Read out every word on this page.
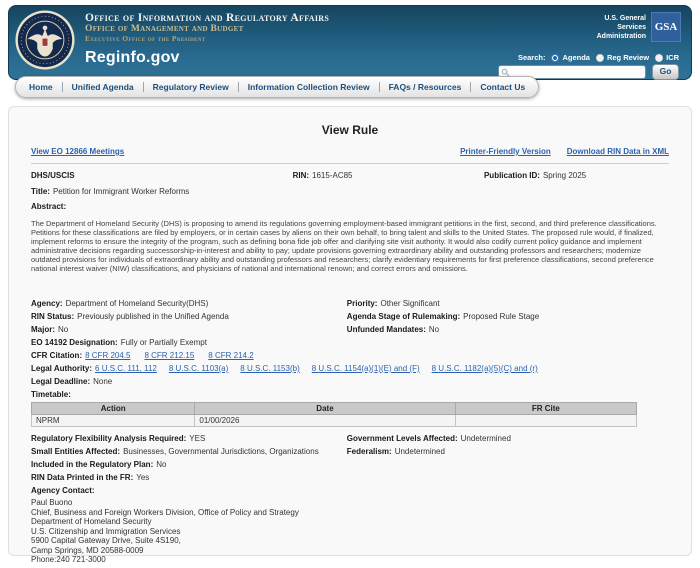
Office of Information and Regulatory Affairs
Office of Management and Budget
Executive Office of the President
Reginfo.gov
U.S. General
Services
Administration
GSA
Search: Agenda Reg Review ICR
Go
Home	Unified Agenda	Regulatory Review	Information Collection Review	FAQs / Resources	Contact Us
View Rule
View EO 12866 Meetings	Printer-Friendly Version Download RIN Data in XML
DHS/USCIS	RIN: 1615-AC85	Publication ID: Spring 2025
Title: Petition for Immigrant Worker Reforms
Abstract:

The Department of Homeland Security (DHS) is proposing to amend its regulations governing employment-based immigrant petitions in the first, second, and third preference classifications. Petitions for these classifications are filed by employers, or in certain cases by aliens on their own behalf, to bring talent and skills to the United States. The proposed rule would, if finalized, implement reforms to ensure the integrity of the program, such as defining bona fide job offer and clarifying site visit authority. It would also codify current policy guidance and implement administrative decisions regarding successorship-in-interest and ability to pay; update provisions governing extraordinary ability and outstanding professors and researchers; modernize outdated provisions for individuals of extraordinary ability and outstanding professors and researchers; clarify evidentiary requirements for first preference classifications, second preference national interest waiver (NIW) classifications, and physicians of national and international renown; and correct errors and omissions.

Agency: Department of Homeland Security(DHS)	Priority: Other Significant
RIN Status: Previously published in the Unified Agenda	Agenda Stage of Rulemaking: Proposed Rule Stage
Major: No	Unfunded Mandates: No
EO 14192 Designation: Fully or Partially Exempt
CFR Citation: 8 CFR 204.5 8 CFR 212.15 8 CFR 214.2
Legal Authority: 6 U.S.C. 111, 112 8 U.S.C. 1103(a) 8 U.S.C. 1153(b) 8 U.S.C. 1154(a)(1)(E) and (F) 8 U.S.C. 1182(a)(5)(C) and (r)
Legal Deadline: None
Timetable:
Action	Date	FR Cite
NPRM	01/00/2026	
Regulatory Flexibility Analysis Required: YES	Government Levels Affected: Undetermined
Small Entities Affected: Businesses, Governmental Jurisdictions, Organizations	Federalism: Undetermined
Included in the Regulatory Plan: No
RIN Data Printed in the FR: Yes
Agency Contact:
Paul Buono
Chief, Business and Foreign Workers Division, Office of Policy and Strategy
Department of Homeland Security
U.S. Citizenship and Immigration Services
5900 Capital Gateway Drive, Suite 4S190,
Camp Springs, MD 20588-0009
Phone:240 721-3000
